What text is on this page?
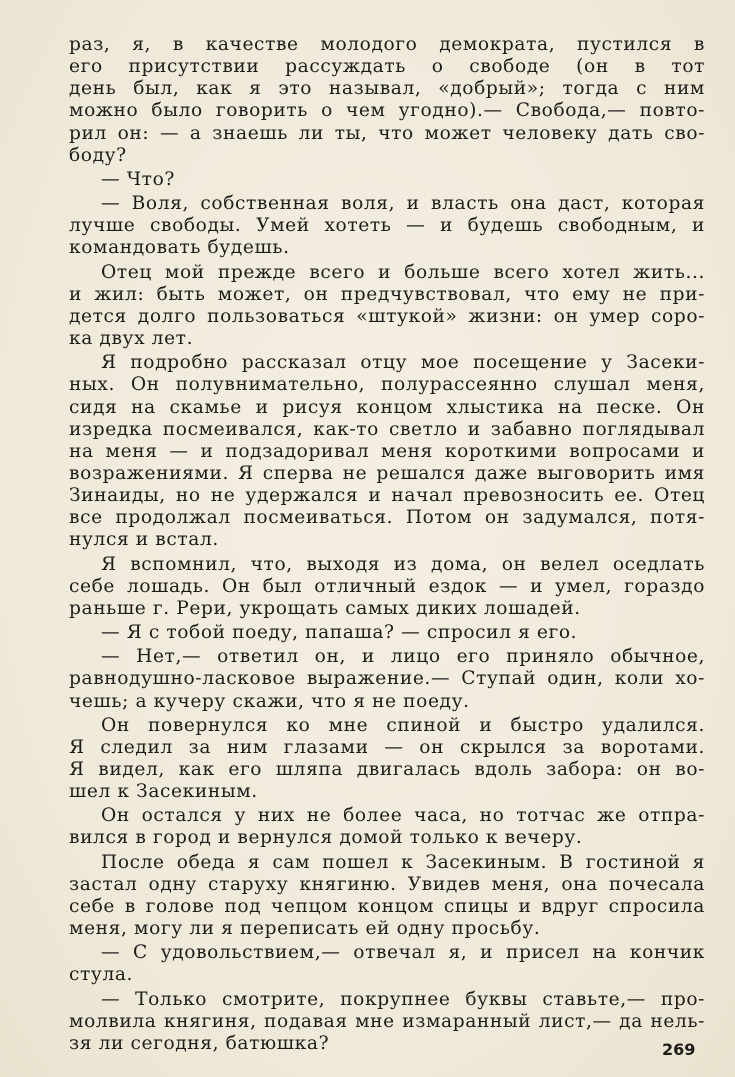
раз, я, в качестве молодого демократа, пустился в
его присутствии рассуждать о свободе (он в тот
день был, как я это называл, «добрый»; тогда с ним
можно было говорить о чем угодно).— Свобода,— повто-
рил он: — а знаешь ли ты, что может человеку дать сво-
боду?
— Что?
— Воля, собственная воля, и власть она даст, которая
лучше свободы. Умей хотеть — и будешь свободным, и
командовать будешь.
Отец мой прежде всего и больше всего хотел жить...
и жил: быть может, он предчувствовал, что ему не при-
дется долго пользоваться «штукой» жизни: он умер соро-
ка двух лет.
Я подробно рассказал отцу мое посещение у Засеки-
ных. Он полувнимательно, полурассеянно слушал меня,
сидя на скамье и рисуя концом хлыстика на песке. Он
изредка посмеивался, как-то светло и забавно поглядывал
на меня — и подзадоривал меня короткими вопросами и
возражениями. Я сперва не решался даже выговорить имя
Зинаиды, но не удержался и начал превозносить ее. Отец
все продолжал посмеиваться. Потом он задумался, потя-
нулся и встал.
Я вспомнил, что, выходя из дома, он велел оседлать
себе лошадь. Он был отличный ездок — и умел, гораздо
раньше г. Рери, укрощать самых диких лошадей.
— Я с тобой поеду, папаша? — спросил я его.
— Нет,— ответил он, и лицо его приняло обычное,
равнодушно-ласковое выражение.— Ступай один, коли хо-
чешь; а кучеру скажи, что я не поеду.
Он повернулся ко мне спиной и быстро удалился.
Я следил за ним глазами — он скрылся за воротами.
Я видел, как его шляпа двигалась вдоль забора: он во-
шел к Засекиным.
Он остался у них не более часа, но тотчас же отпра-
вился в город и вернулся домой только к вечеру.
После обеда я сам пошел к Засекиным. В гостиной я
застал одну старуху княгиню. Увидев меня, она почесала
себе в голове под чепцом концом спицы и вдруг спросила
меня, могу ли я переписать ей одну просьбу.
— С удовольствием,— отвечал я, и присел на кончик
стула.
— Только смотрите, покрупнее буквы ставьте,— про-
молвила княгиня, подавая мне измаранный лист,— да нель-
зя ли сегодня, батюшка?	269
